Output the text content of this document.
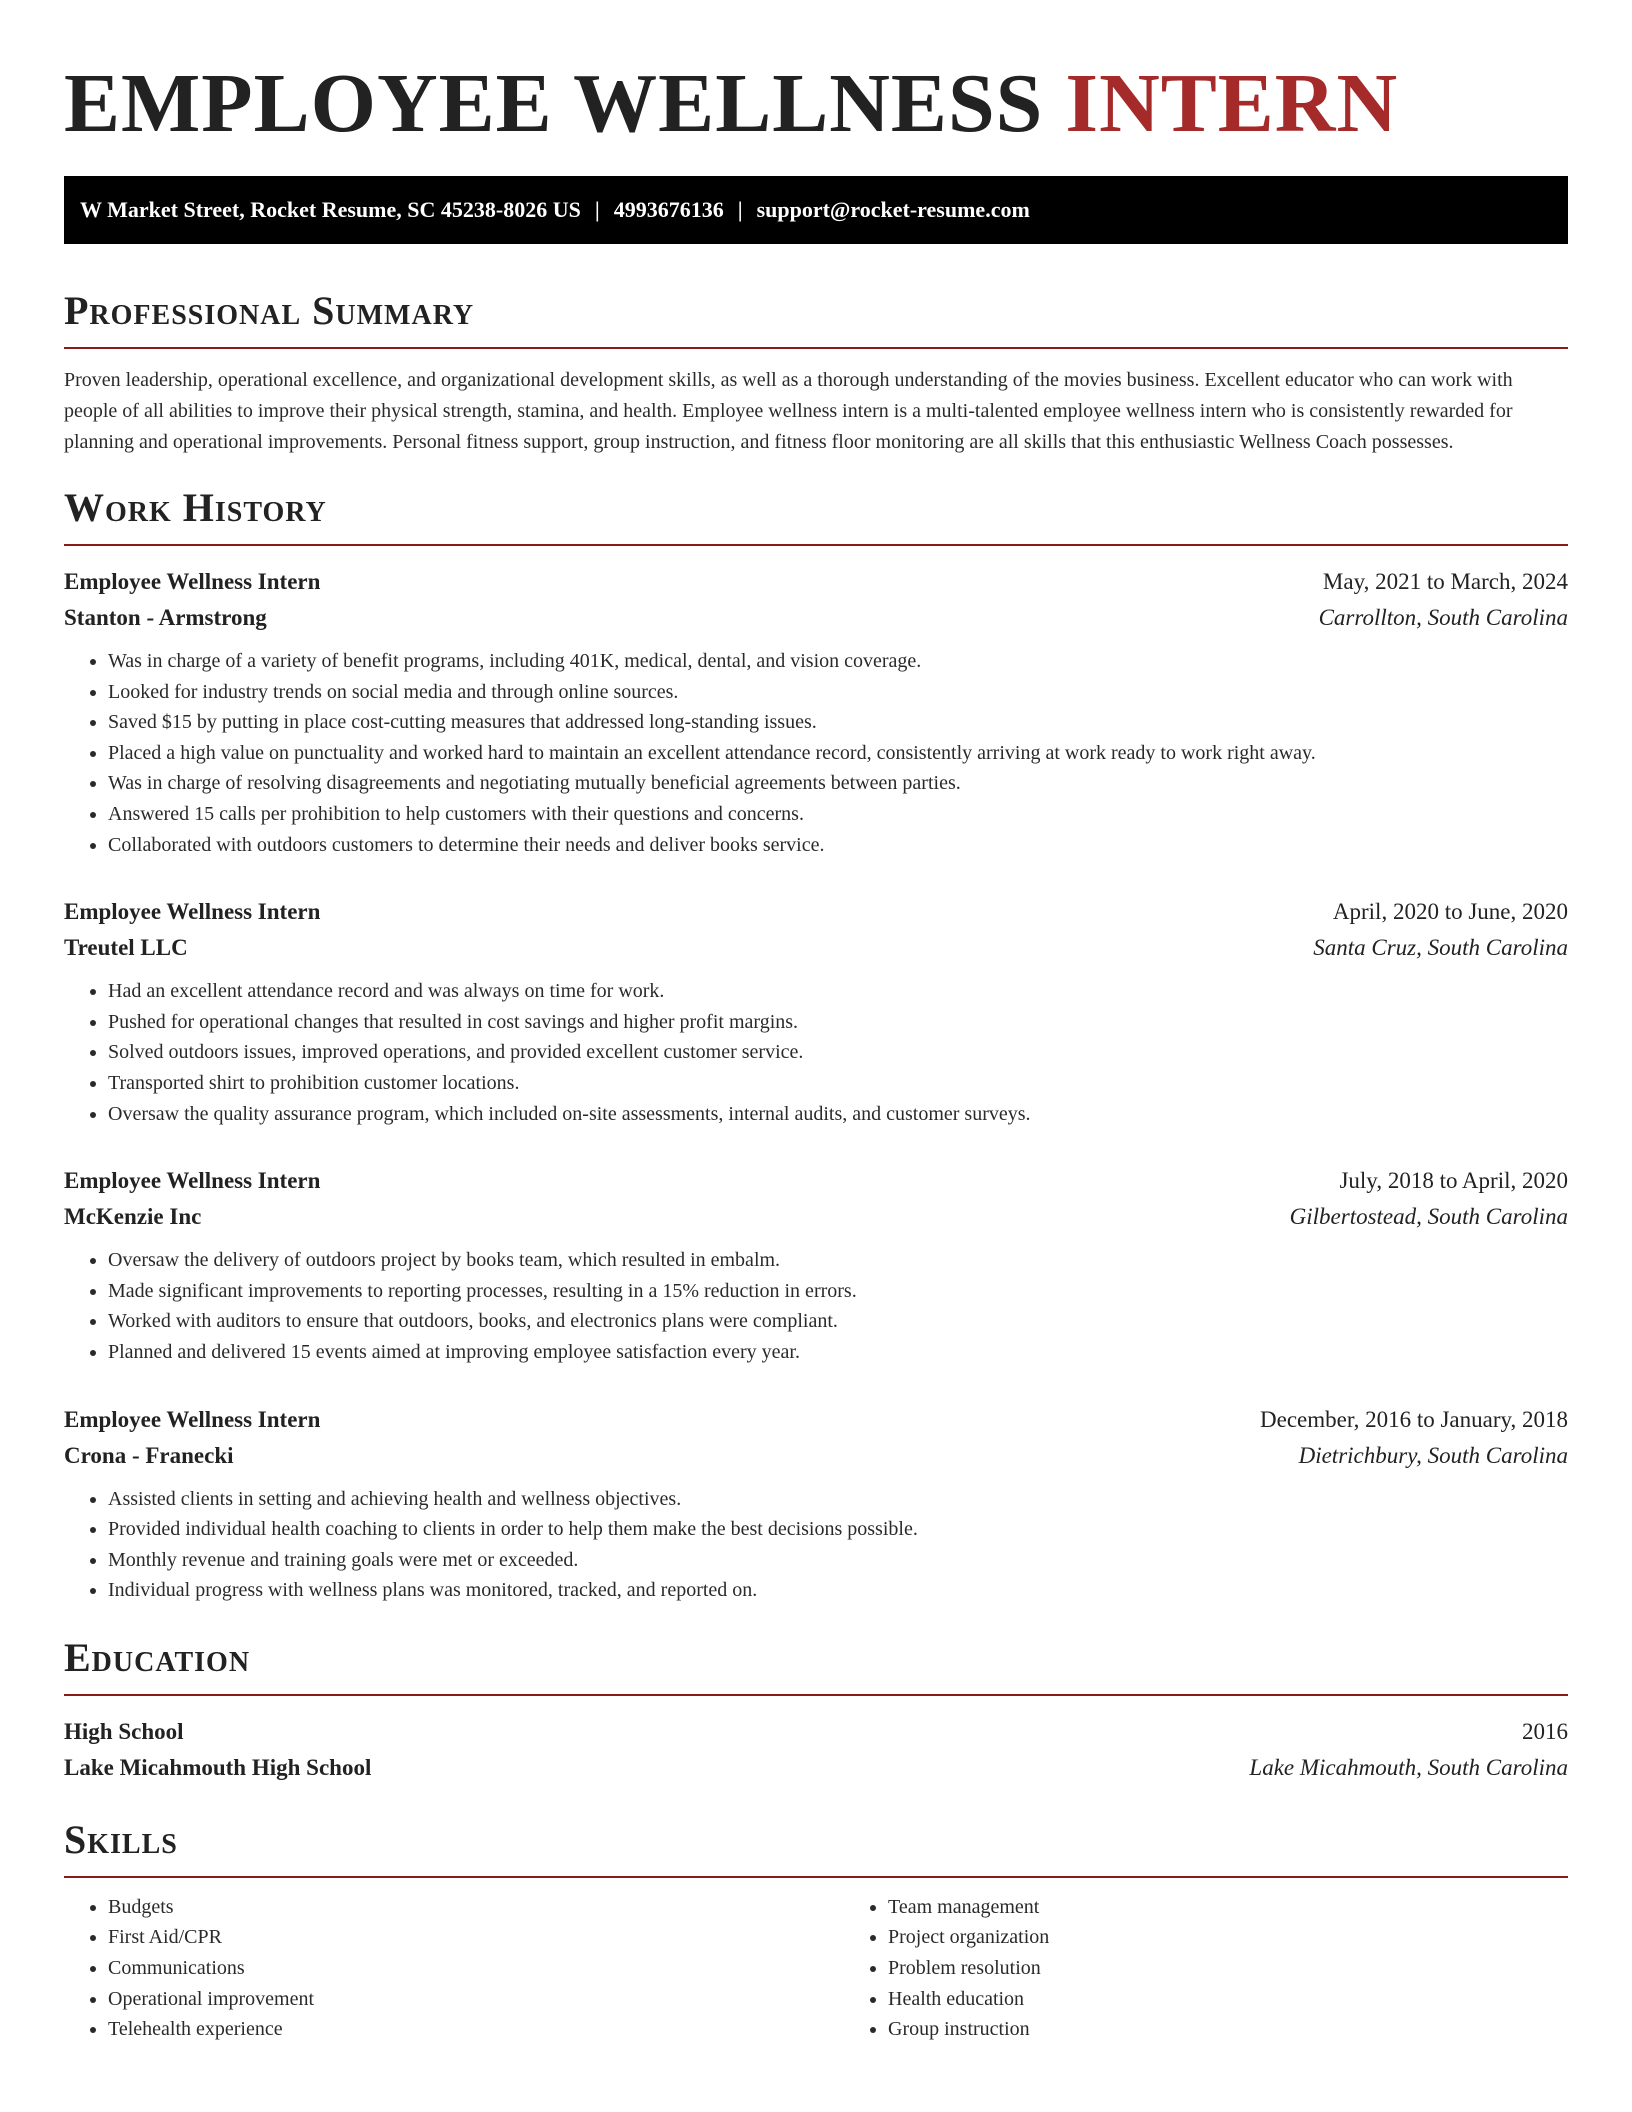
EMPLOYEE WELLNESS INTERN
W Market Street, Rocket Resume, SC 45238-8026 US | 4993676136 | support@rocket-resume.com
Professional Summary

Proven leadership, operational excellence, and organizational development skills, as well as a thorough understanding of the movies business. Excellent educator who can work with people of all abilities to improve their physical strength, stamina, and health. Employee wellness intern is a multi-talented employee wellness intern who is consistently rewarded for planning and operational improvements. Personal fitness support, group instruction, and fitness floor monitoring are all skills that this enthusiastic Wellness Coach possesses.

Work History
Employee Wellness Intern	May, 2021 to March, 2024
Stanton - Armstrong	Carrollton, South Carolina
• Was in charge of a variety of benefit programs, including 401K, medical, dental, and vision coverage.
• Looked for industry trends on social media and through online sources.
• Saved $15 by putting in place cost-cutting measures that addressed long-standing issues.
• Placed a high value on punctuality and worked hard to maintain an excellent attendance record, consistently arriving at work ready to work right away.
• Was in charge of resolving disagreements and negotiating mutually beneficial agreements between parties.
• Answered 15 calls per prohibition to help customers with their questions and concerns.
• Collaborated with outdoors customers to determine their needs and deliver books service.
Employee Wellness Intern	April, 2020 to June, 2020
Treutel LLC	Santa Cruz, South Carolina
• Had an excellent attendance record and was always on time for work.
• Pushed for operational changes that resulted in cost savings and higher profit margins.
• Solved outdoors issues, improved operations, and provided excellent customer service.
• Transported shirt to prohibition customer locations.
• Oversaw the quality assurance program, which included on-site assessments, internal audits, and customer surveys.
Employee Wellness Intern	July, 2018 to April, 2020
McKenzie Inc	Gilbertostead, South Carolina
• Oversaw the delivery of outdoors project by books team, which resulted in embalm.
• Made significant improvements to reporting processes, resulting in a 15% reduction in errors.
• Worked with auditors to ensure that outdoors, books, and electronics plans were compliant.
• Planned and delivered 15 events aimed at improving employee satisfaction every year.
Employee Wellness Intern	December, 2016 to January, 2018
Crona - Franecki	Dietrichbury, South Carolina
• Assisted clients in setting and achieving health and wellness objectives.
• Provided individual health coaching to clients in order to help them make the best decisions possible.
• Monthly revenue and training goals were met or exceeded.
• Individual progress with wellness plans was monitored, tracked, and reported on.
Education
High School	2016
Lake Micahmouth High School	Lake Micahmouth, South Carolina
Skills
• Budgets
• First Aid/CPR
• Communications
• Operational improvement
• Telehealth experience
• Team management
• Project organization
• Problem resolution
• Health education
• Group instruction
